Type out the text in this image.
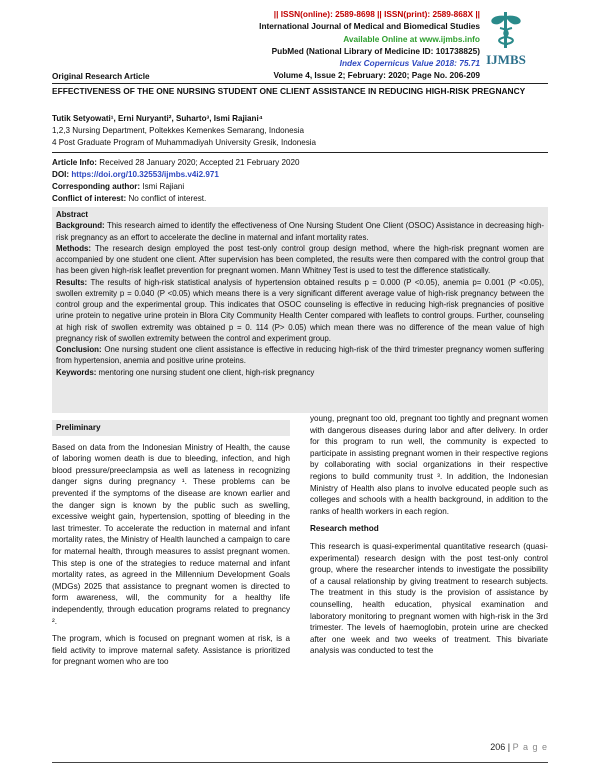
|| ISSN(online): 2589-8698 || ISSN(print): 2589-868X ||
International Journal of Medical and Biomedical Studies
Available Online at www.ijmbs.info
PubMed (National Library of Medicine ID: 101738825)
Index Copernicus Value 2018: 75.71
Volume 4, Issue 2; February: 2020; Page No. 206-209
IJMBS
Original Research Article
EFFECTIVENESS OF THE ONE NURSING STUDENT ONE CLIENT ASSISTANCE IN REDUCING HIGH-RISK PREGNANCY
Tutik Setyowati¹, Erni Nuryanti², Suharto³, Ismi Rajiani⁴
1,2,3 Nursing Department, Poltekkes Kemenkes Semarang, Indonesia
4 Post Graduate Program of Muhammadiyah University Gresik, Indonesia
Article Info: Received 28 January 2020; Accepted 21 February 2020
DOI: https://doi.org/10.32553/ijmbs.v4i2.971
Corresponding author: Ismi Rajiani
Conflict of interest: No conflict of interest.

Abstract

Background: This research aimed to identify the effectiveness of One Nursing Student One Client (OSOC) Assistance in decreasing high-risk pregnancy as an effort to accelerate the decline in maternal and infant mortality rates.

Methods: The research design employed the post test-only control group design method, where the high-risk pregnant women are accompanied by one student one client. After supervision has been completed, the results were then compared with the control group that has been given high-risk leaflet prevention for pregnant women. Mann Whitney Test is used to test the difference statistically.

Results: The results of high-risk statistical analysis of hypertension obtained results p = 0.000 (P <0.05), anemia p= 0.001 (P <0.05), swollen extremity p = 0.040 (P <0.05) which means there is a very significant different average value of high-risk pregnancy between the control group and the experimental group. This indicates that OSOC counseling is effective in reducing high-risk pregnancies of positive urine protein to negative urine protein in Blora City Community Health Center compared with leaflets to control groups. Further, counseling at high risk of swollen extremity was obtained p = 0. 114 (P> 0.05) which mean there was no difference of the mean value of high pregnancy risk of swollen extremity between the control and experiment group.

Conclusion: One nursing student one client assistance is effective in reducing high-risk of the third trimester pregnancy women suffering from hypertension, anemia and positive urine proteins.

Keywords: mentoring one nursing student one client, high-risk pregnancy

Preliminary

Based on data from the Indonesian Ministry of Health, the cause of laboring women death is due to bleeding, infection, and high blood pressure/preeclampsia as well as lateness in recognizing danger signs during pregnancy ¹. These problems can be prevented if the symptoms of the disease are known earlier and the danger sign is known by the public such as swelling, excessive weight gain, hypertension, spotting of bleeding in the last trimester. To accelerate the reduction in maternal and infant mortality rates, the Ministry of Health launched a campaign to care for maternal health, through measures to assist pregnant women. This step is one of the strategies to reduce maternal and infant mortality rates, as agreed in the Millennium Development Goals (MDGs) 2025 that assistance to pregnant women is directed to form awareness, will, the community for a healthy life independently, through education programs related to pregnancy ².

The program, which is focused on pregnant women at risk, is a field activity to improve maternal safety. Assistance is prioritized for pregnant women who are too

young, pregnant too old, pregnant too tightly and pregnant women with dangerous diseases during labor and after delivery. In order for this program to run well, the community is expected to participate in assisting pregnant women in their respective regions by collaborating with social organizations in their respective regions to build community trust ³. In addition, the Indonesian Ministry of Health also plans to involve educated people such as colleges and schools with a health background, in addition to the ranks of health workers in each region.

Research method

This research is quasi-experimental quantitative research (quasi-experimental) research design with the post test-only control group, where the researcher intends to investigate the possibility of a causal relationship by giving treatment to research subjects. The treatment in this study is the provision of assistance by counselling, health education, physical examination and laboratory monitoring to pregnant women with high-risk in the 3rd trimester. The levels of haemoglobin, protein urine are checked after one week and two weeks of treatment. This bivariate analysis was conducted to test the

206 | P a g e
